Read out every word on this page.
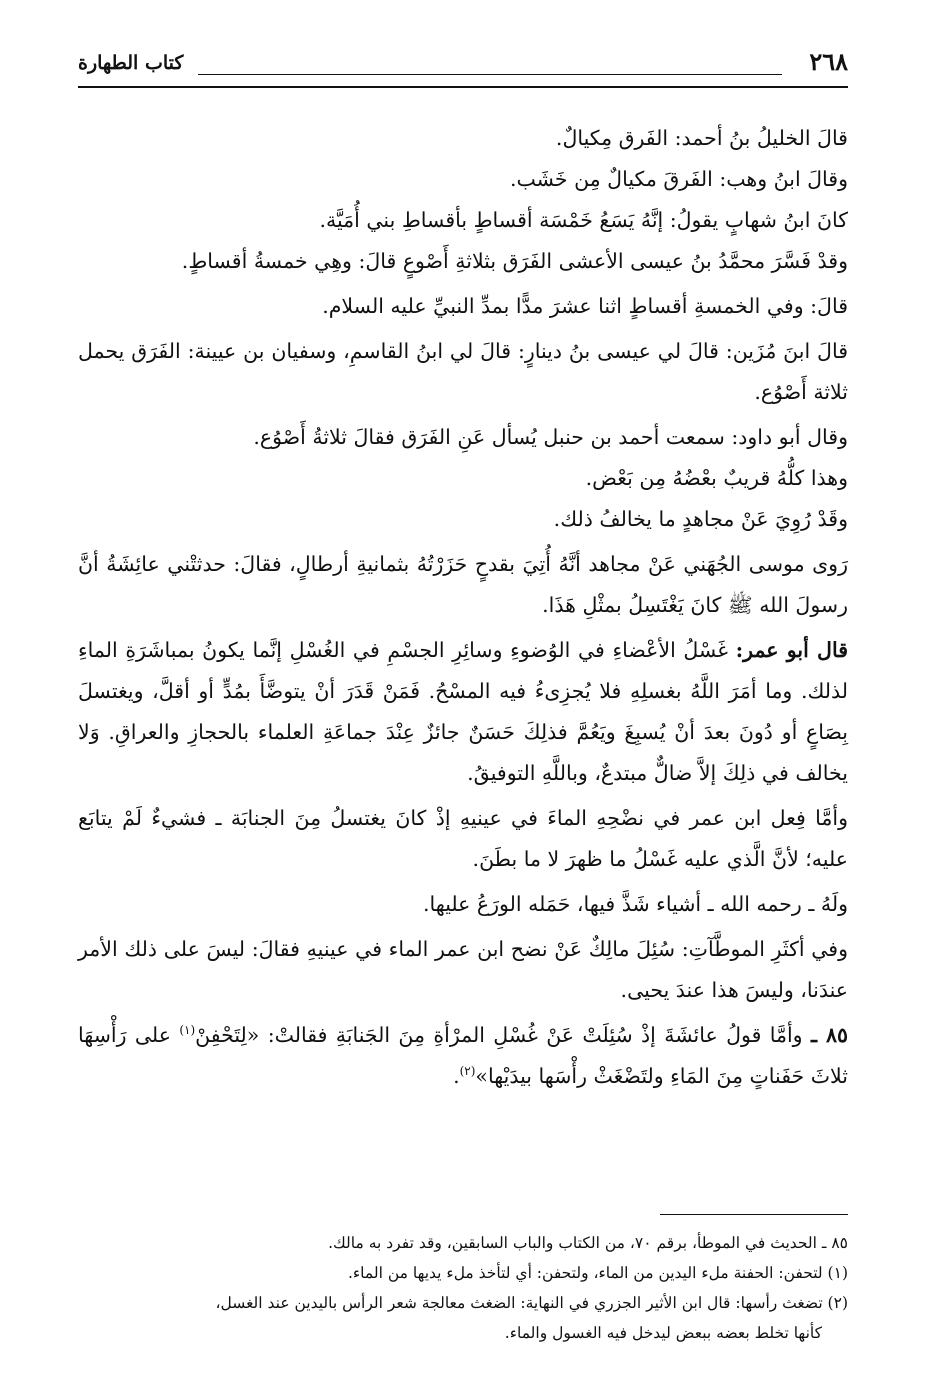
٢٦٨
كتاب الطهارة

قالَ الخليلُ بنُ أحمد: الفَرق مِكيالٌ.

وقالَ ابنُ وهب: الفَرقَ مكيالٌ مِن خَشَب.

كانَ ابنُ شهابٍ يقولُ: إنَّهُ يَسَعُ خَمْسَة أقساطٍ بأقساطِ بني أُمَيَّة.

وقدْ فَسَّرَ محمَّدُ بنُ عيسى الأعشى الفَرَق بثلاثةِ أَصْوعٍ قالَ: وهِي خمسةُ أقساطٍ.

قالَ: وفي الخمسةِ أقساطٍ اثنا عشرَ مدًّا بمدِّ النبيِّ عليه السلام.

قالَ ابنَ مُزَين: قالَ لي عيسى بنُ دينارٍ: قالَ لي ابنُ القاسمِ، وسفيان بن عيينة: الفَرَق يحمل ثلاثة أَصْوُع.

وقال أبو داود: سمعت أحمد بن حنبل يُسأل عَنِ الفَرَق فقالَ ثلاثةُ أَصْوُع.

وهذا كلُّهُ قريبٌ بعْضُهُ مِن بَعْض.

وقَدْ رُوِيَ عَنْ مجاهدٍ ما يخالفُ ذلك.

رَوى موسى الجُهَني عَنْ مجاهد أنَّهُ أُتِيَ بقدحٍ حَزَرْتُهُ بثمانيةِ أرطالٍ، فقالَ: حدثتْني عائِشَةُ أنَّ رسولَ الله ﷺ كانَ يَغْتَسِلُ بمثْلِ هَذَا.

قال أبو عمر: غَسْلُ الأعْضاءِ في الوُضوءِ وسائِرِ الجسْمِ في الغُسْلِ إنَّما يكونُ بمباشَرَةِ الماءِ لذلك. وما أمَرَ اللَّهُ بغسلِهِ فلا يُجزِىءُ فيه المسْحُ. فَمَنْ قَدَرَ أنْ يتوضَّأَ بمُدٍّ أو أقلَّ، ويغتسلَ بِصَاعٍ أو دُونَ بعدَ أنْ يُسبِغَ ويَعُمَّ فذلِكَ حَسَنٌ جائزٌ عِنْدَ جماعَةِ العلماء بالحجازِ والعراقِ. وَلا يخالف في ذلِكَ إلاَّ ضالٌّ مبتدعٌ، وباللَّهِ التوفيقُ.

وأمَّا فِعل ابن عمر في نضْحِهِ الماءَ في عينيهِ إذْ كانَ يغتسلُ مِنَ الجنابَة ـ فشيءٌ لَمْ يتابَع عليه؛ لأنَّ الَّذي عليه غَسْلُ ما ظهرَ لا ما بطَنَ.

ولَهُ ـ رحمه الله ـ أشياء شَذَّ فيها، حَمَله الورَعُ عليها.

وفي أكثَرِ الموطَّآتِ: سُئِلَ مالِكٌ عَنْ نضح ابن عمر الماء في عينيهِ فقالَ: ليسَ على ذلك الأمر عندَنا، وليسَ هذا عندَ يحيى.

٨٥ ـ وأمَّا قولُ عائشَةَ إذْ سُئِلَتْ عَنْ غُسْلِ المرْأةِ مِنَ الجَنابَةِ فقالتْ: «لِتَحْفِنْ$^{(١)}$ على رَأْسِهَا ثلاثَ حَفَناتٍ مِنَ المَاءِ ولتَضْغَثْ رأْسَها بيدَيْها»$^{(٢)}$.

٨٥ ـ الحديث في الموطأ، برقم ٧٠، من الكتاب والباب السابقين، وقد تفرد به مالك.

(١) لتحفن: الحفنة ملء اليدين من الماء، ولتحفن: أي لتأخذ ملء يديها من الماء.

(٢) تضغث رأسها: قال ابن الأثير الجزري في النهاية: الضغث معالجة شعر الرأس باليدين عند الغسل،

كأنها تخلط بعضه ببعض ليدخل فيه الغسول والماء.
